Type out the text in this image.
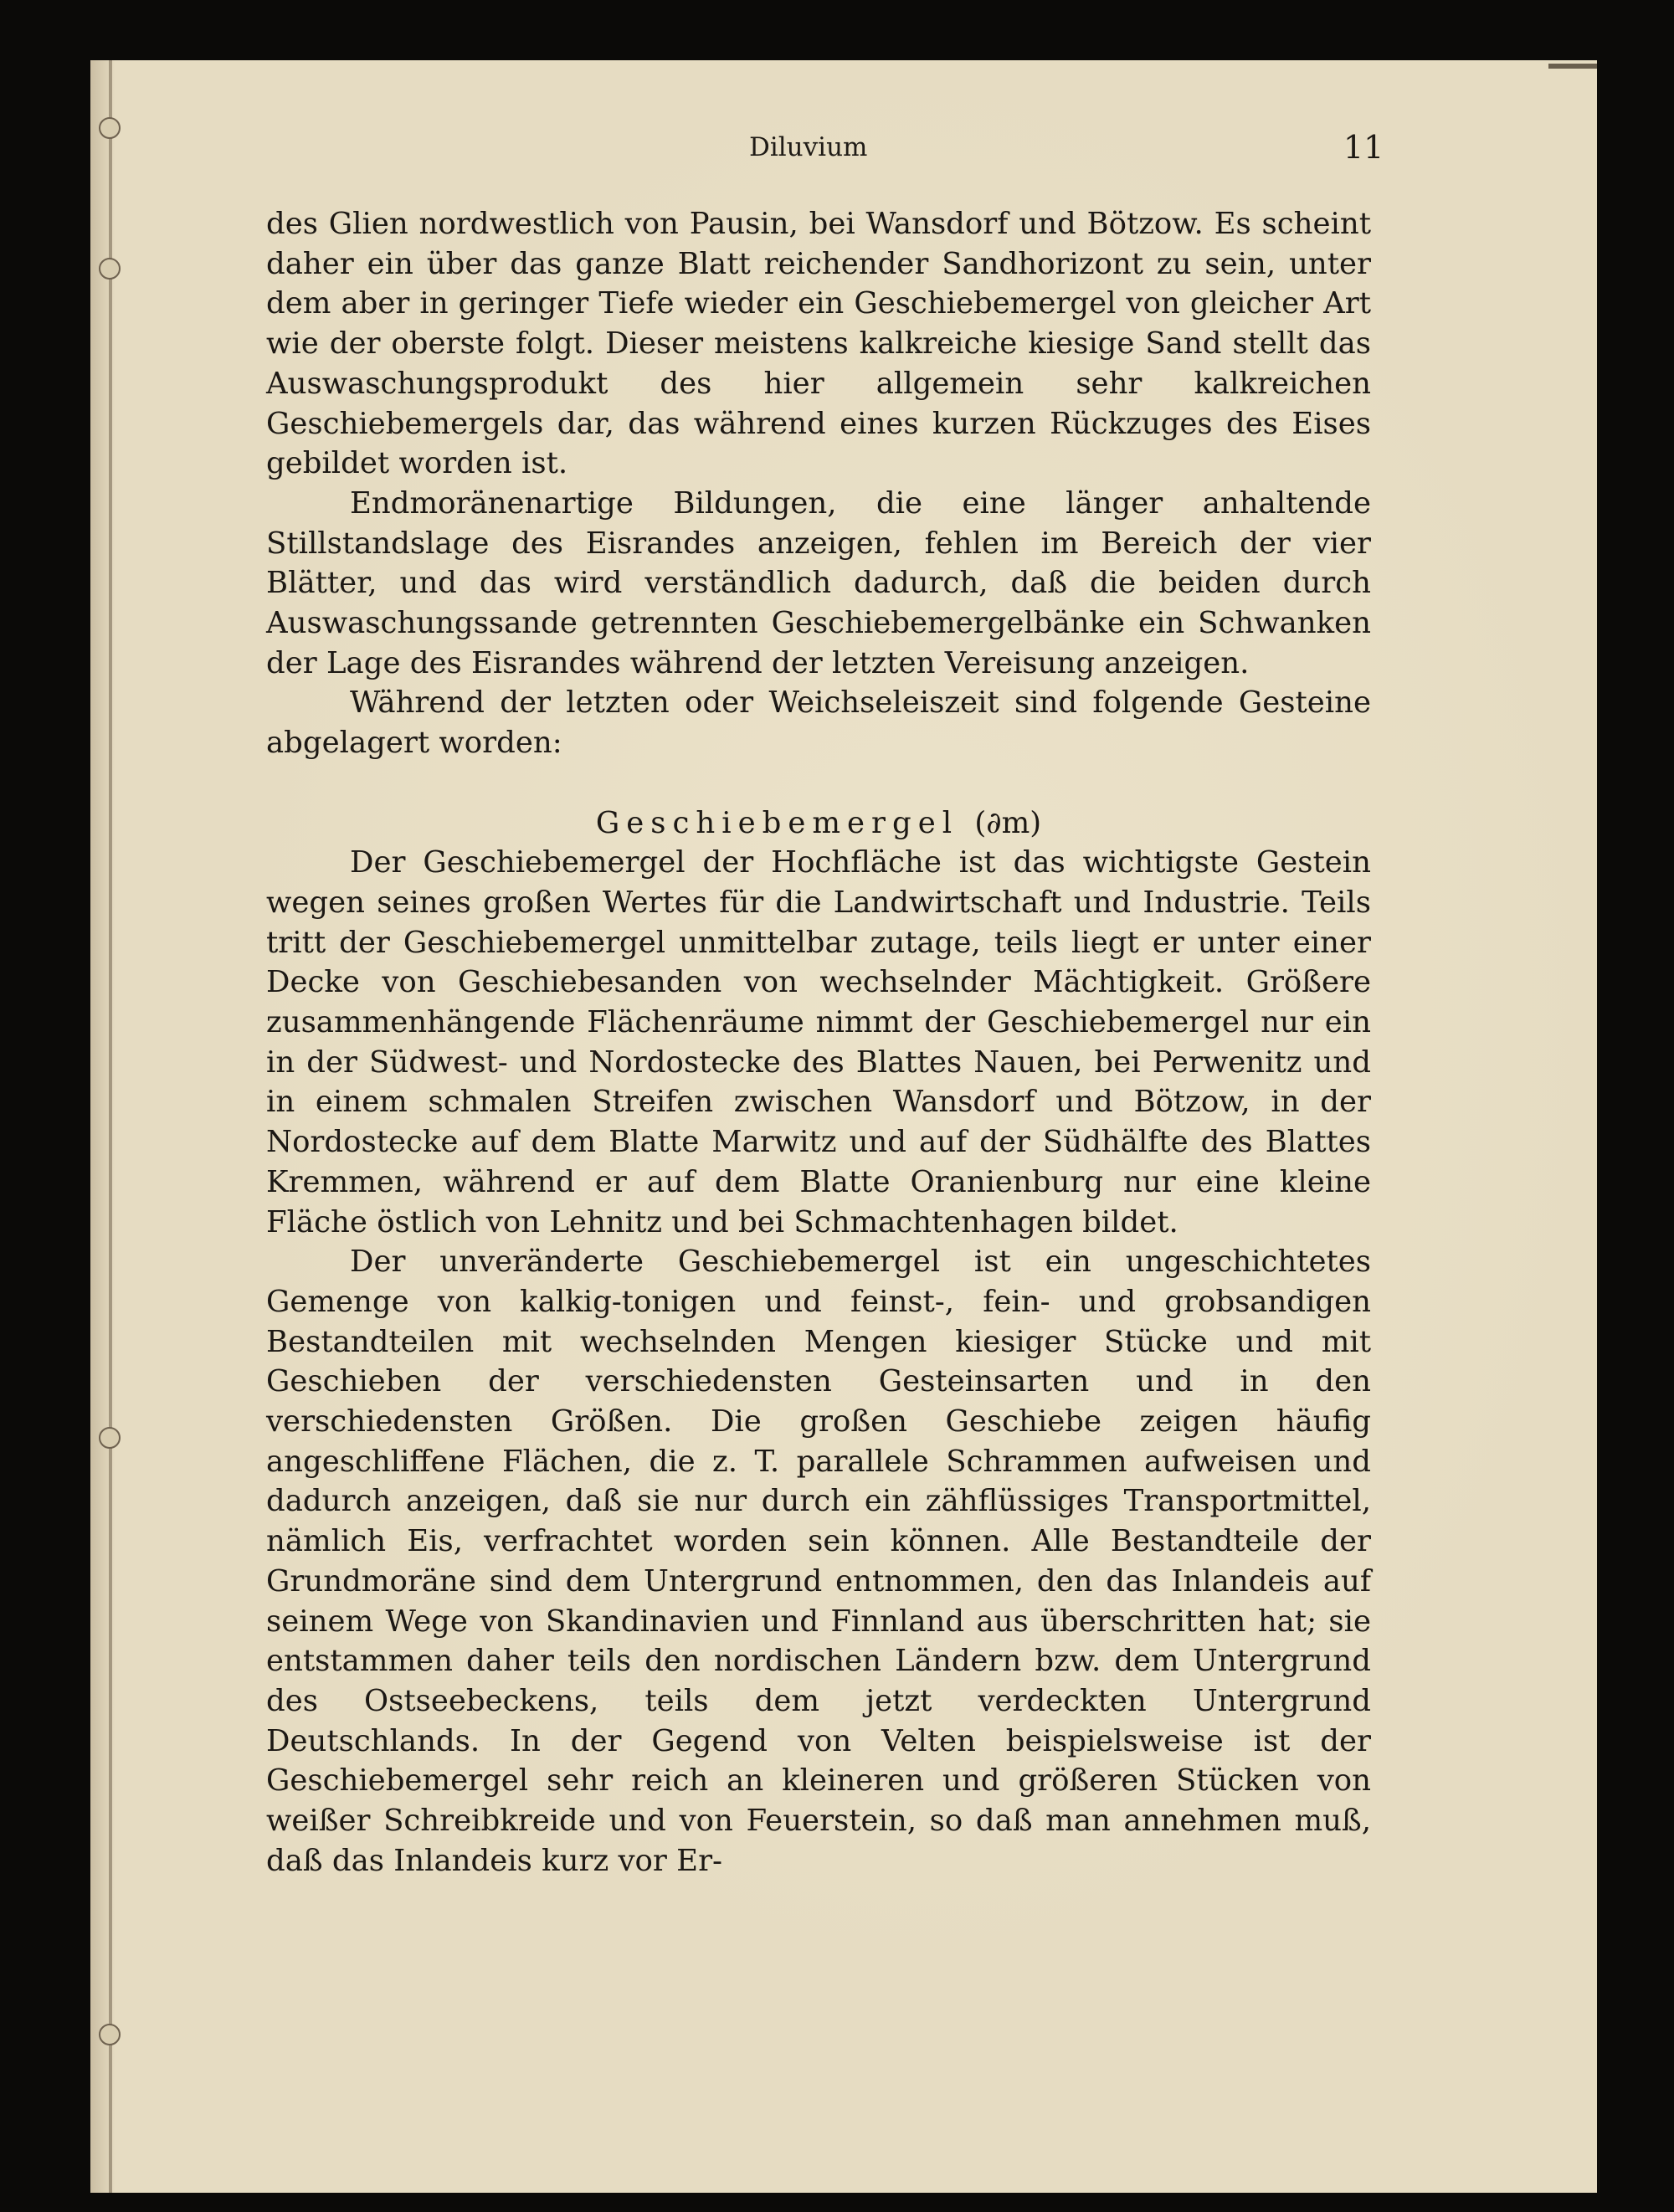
Diluvium	11

des Glien nordwestlich von Pausin, bei Wansdorf und Bötzow. Es scheint daher ein über das ganze Blatt reichender Sandhorizont zu sein, unter dem aber in geringer Tiefe wieder ein Geschiebemergel von gleicher Art wie der oberste folgt. Dieser meistens kalkreiche kiesige Sand stellt das Auswaschungsprodukt des hier allgemein sehr kalkreichen Geschiebemergels dar, das während eines kurzen Rückzuges des Eises gebildet worden ist.

Endmoränenartige Bildungen, die eine länger anhaltende Stillstandslage des Eisrandes anzeigen, fehlen im Bereich der vier Blätter, und das wird verständlich dadurch, daß die beiden durch Auswaschungssande getrennten Geschiebemergelbänke ein Schwanken der Lage des Eisrandes während der letzten Vereisung anzeigen.

Während der letzten oder Weichseleiszeit sind folgende Gesteine abgelagert worden:

Geschiebemergel (∂m)

Der Geschiebemergel der Hochfläche ist das wichtigste Gestein wegen seines großen Wertes für die Landwirtschaft und Industrie. Teils tritt der Geschiebemergel unmittelbar zutage, teils liegt er unter einer Decke von Geschiebesanden von wechselnder Mächtigkeit. Größere zusammenhängende Flächenräume nimmt der Geschiebemergel nur ein in der Südwest- und Nordostecke des Blattes Nauen, bei Perwenitz und in einem schmalen Streifen zwischen Wansdorf und Bötzow, in der Nordostecke auf dem Blatte Marwitz und auf der Südhälfte des Blattes Kremmen, während er auf dem Blatte Oranienburg nur eine kleine Fläche östlich von Lehnitz und bei Schmachtenhagen bildet.

Der unveränderte Geschiebemergel ist ein ungeschichtetes Gemenge von kalkig-tonigen und feinst-, fein- und grobsandigen Bestandteilen mit wechselnden Mengen kiesiger Stücke und mit Geschieben der verschiedensten Gesteinsarten und in den verschiedensten Größen. Die großen Geschiebe zeigen häufig angeschliffene Flächen, die z. T. parallele Schrammen aufweisen und dadurch anzeigen, daß sie nur durch ein zähflüssiges Transportmittel, nämlich Eis, verfrachtet worden sein können. Alle Bestandteile der Grundmoräne sind dem Untergrund entnommen, den das Inlandeis auf seinem Wege von Skandinavien und Finnland aus überschritten hat; sie entstammen daher teils den nordischen Ländern bzw. dem Untergrund des Ostseebeckens, teils dem jetzt verdeckten Untergrund Deutschlands. In der Gegend von Velten beispielsweise ist der Geschiebemergel sehr reich an kleineren und größeren Stücken von weißer Schreibkreide und von Feuerstein, so daß man annehmen muß, daß das Inlandeis kurz vor Er-
